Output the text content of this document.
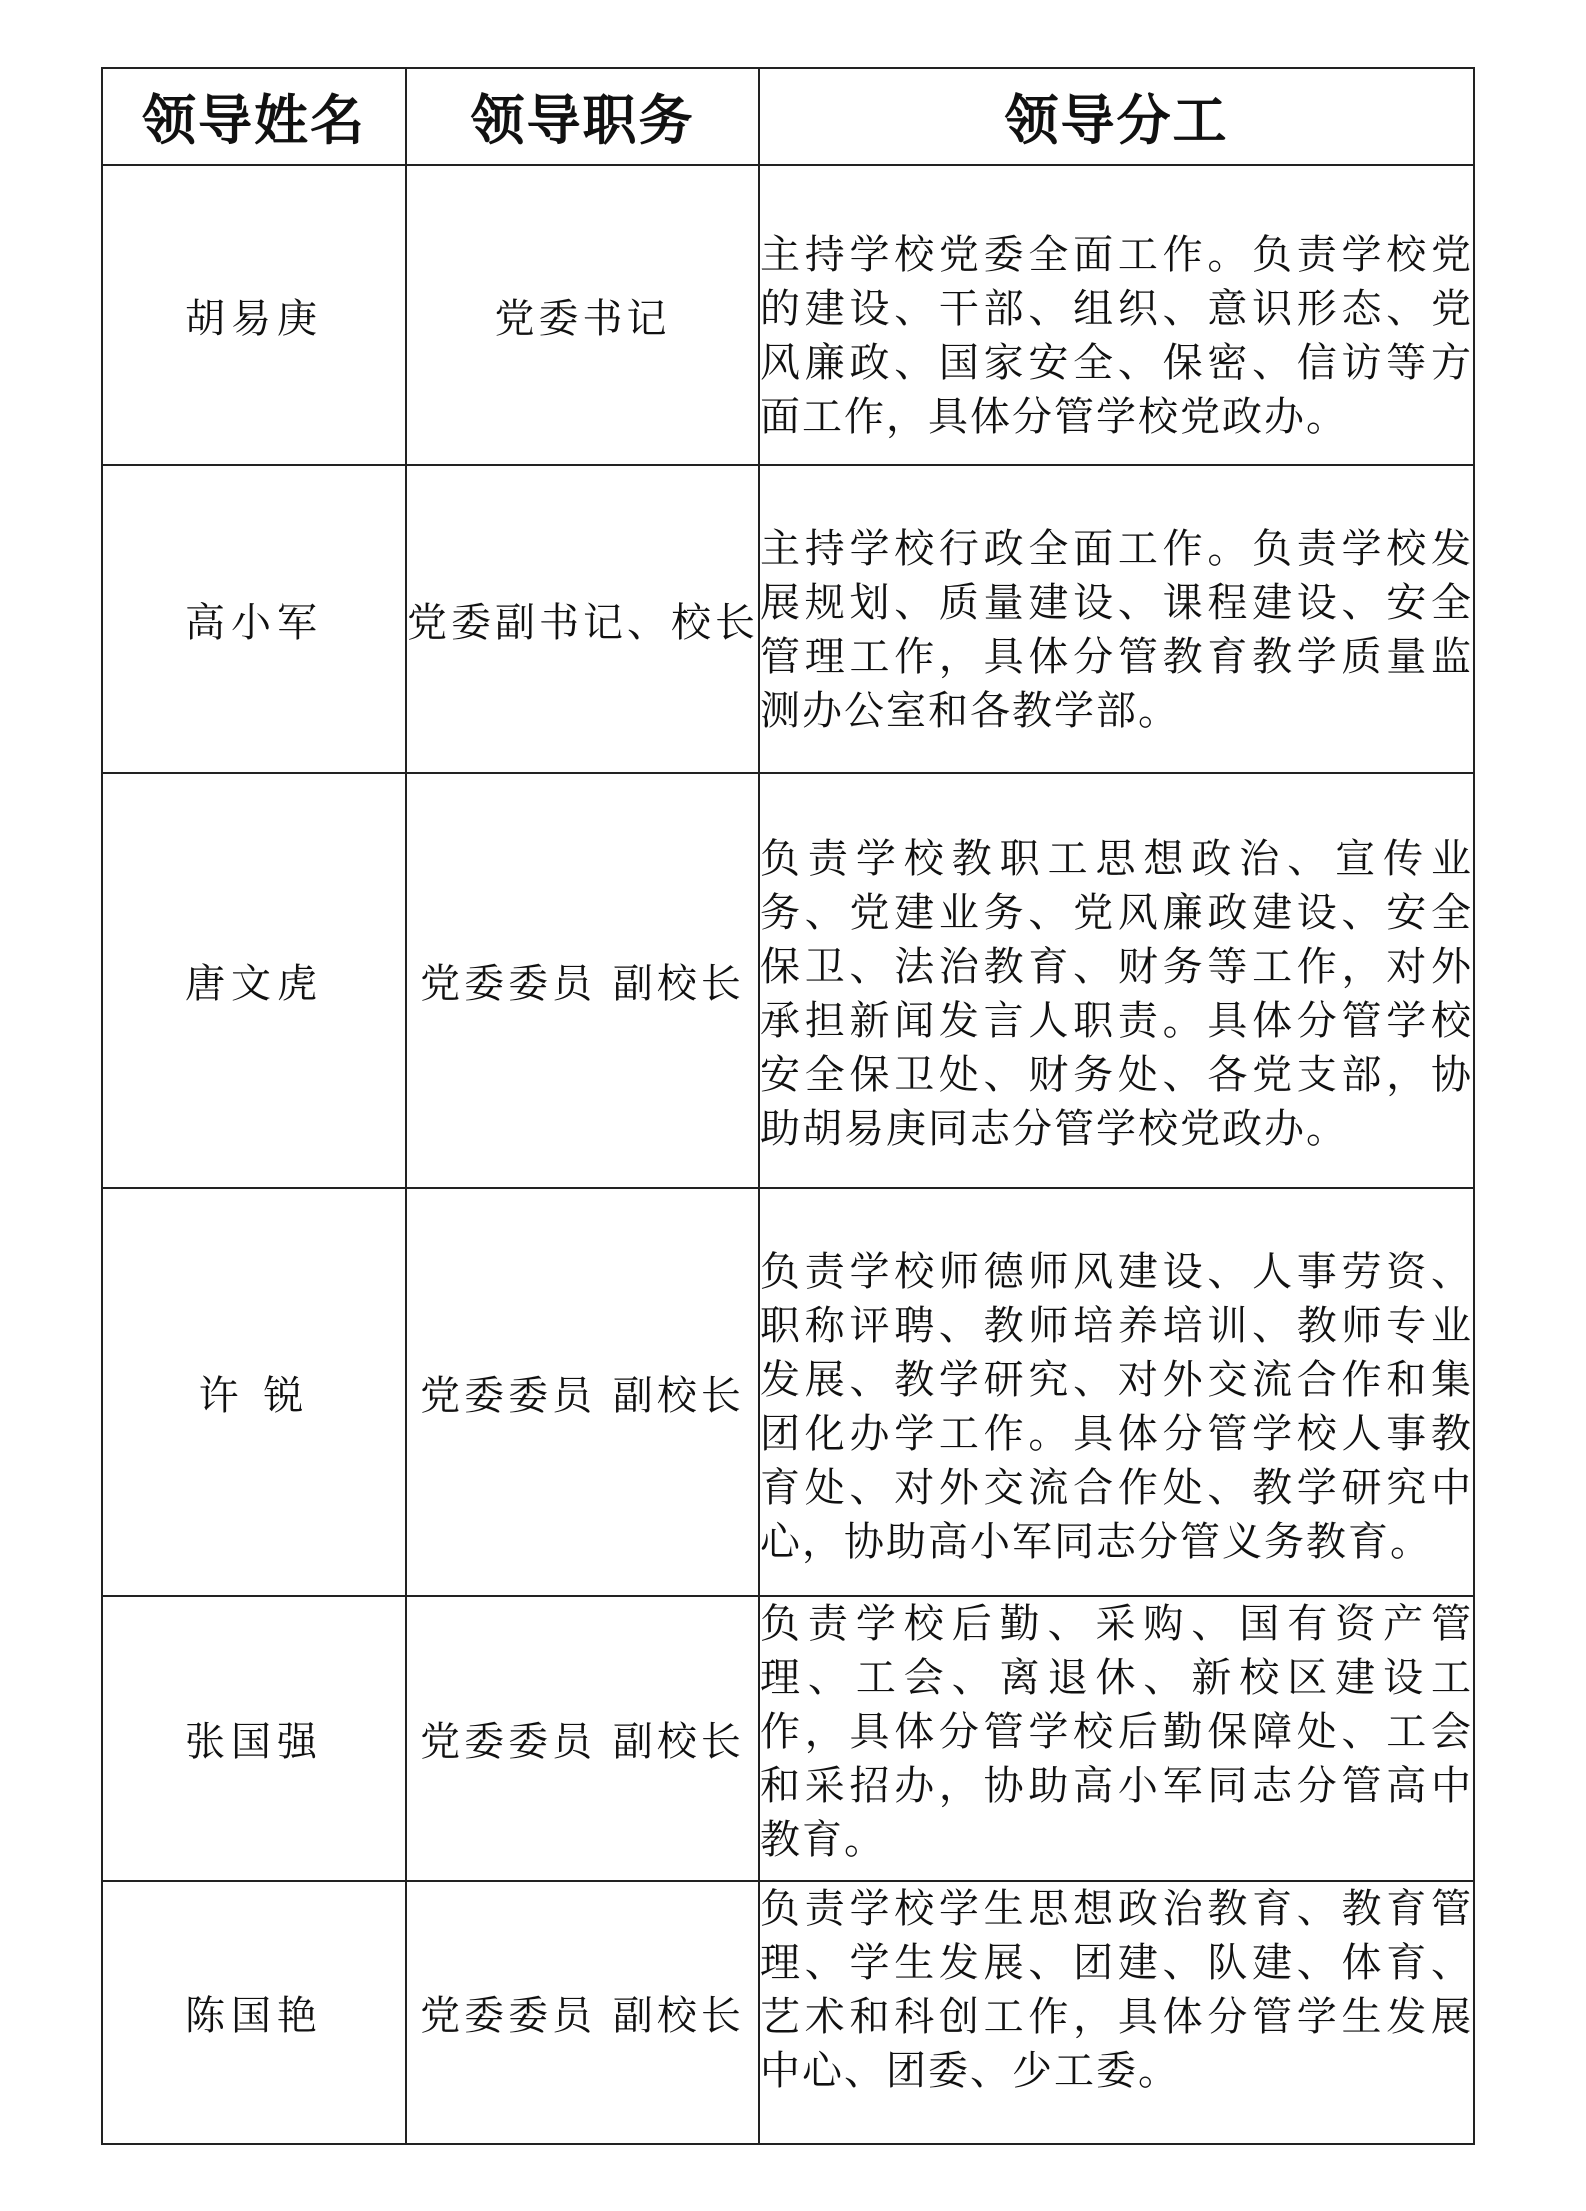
领导姓名	领导职务	领导分工
胡易庚	党委书记	主持学校党委全面工作。负责学校党的建设、干部、组织、意识形态、党风廉政、国家安全、保密、信访等方面工作，具体分管学校党政办。
高小军	党委副书记、校长	主持学校行政全面工作。负责学校发展规划、质量建设、课程建设、安全管理工作，具体分管教育教学质量监测办公室和各教学部。
唐文虎	党委委员 副校长	负责学校教职工思想政治、宣传业务、党建业务、党风廉政建设、安全保卫、法治教育、财务等工作，对外承担新闻发言人职责。具体分管学校安全保卫处、财务处、各党支部，协助胡易庚同志分管学校党政办。
许 锐	党委委员 副校长	负责学校师德师风建设、人事劳资、职称评聘、教师培养培训、教师专业发展、教学研究、对外交流合作和集团化办学工作。具体分管学校人事教育处、对外交流合作处、教学研究中心，协助高小军同志分管义务教育。
张国强	党委委员 副校长	负责学校后勤、采购、国有资产管理、工会、离退休、新校区建设工作，具体分管学校后勤保障处、工会和采招办，协助高小军同志分管高中教育。
陈国艳	党委委员 副校长	负责学校学生思想政治教育、教育管理、学生发展、团建、队建、体育、艺术和科创工作，具体分管学生发展中心、团委、少工委。
